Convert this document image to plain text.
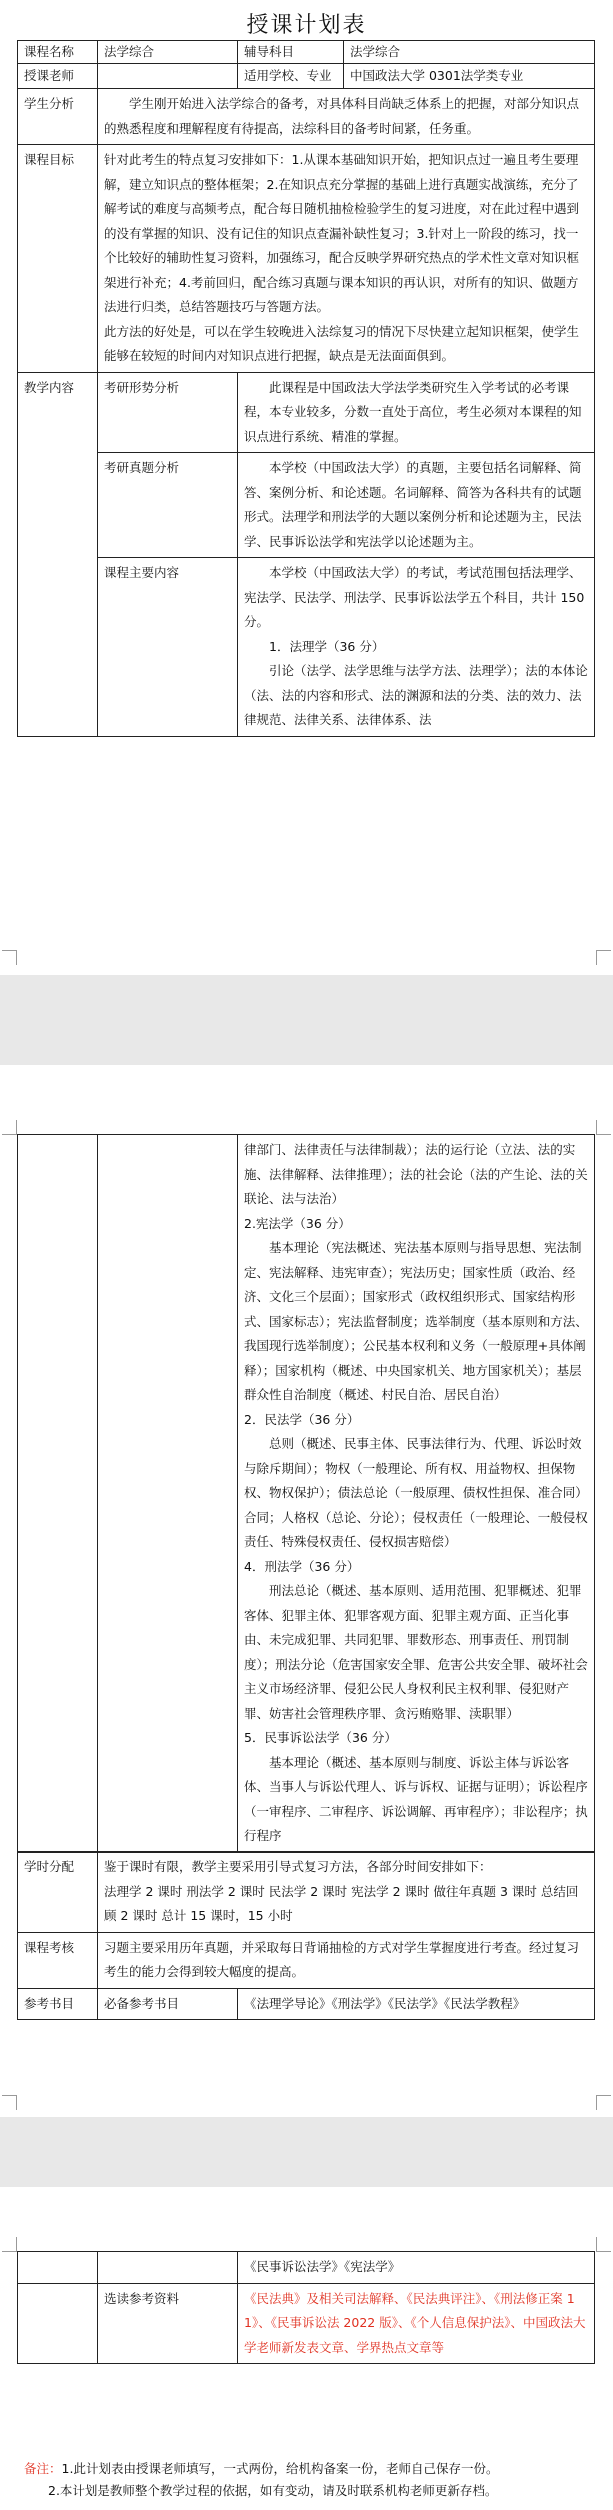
授课计划表
课程名称	法学综合	辅导科目	法学综合
授课老师		适用学校、专业	中国政法大学 0301法学类专业
学生分析	学生刚开始进入法学综合的备考，对具体科目尚缺乏体系上的把握，对部分知识点的熟悉程度和理解程度有待提高，法综科目的备考时间紧，任务重。		
课程目标	针对此考生的特点复习安排如下：1.从课本基础知识开始，把知识点过一遍且考生要理解，建立知识点的整体框架；2.在知识点充分掌握的基础上进行真题实战演练，充分了解考试的难度与高频考点，配合每日随机抽检检验学生的复习进度，对在此过程中遇到的没有掌握的知识、没有记住的知识点查漏补缺性复习；3.针对上一阶段的练习，找一个比较好的辅助性复习资料，加强练习，配合反映学界研究热点的学术性文章对知识框架进行补充；4.考前回归，配合练习真题与课本知识的再认识，对所有的知识、做题方法进行归类，总结答题技巧与答题方法。

此方法的好处是，可以在学生较晚进入法综复习的情况下尽快建立起知识框架，使学生能够在较短的时间内对知识点进行把握，缺点是无法面面俱到。		

教学内容	考研形势分析	此课程是中国政法大学法学类研究生入学考试的必考课程，本专业较多，分数一直处于高位，考生必须对本课程的知识点进行系统、精准的掌握。	
	考研真题分析	本学校（中国政法大学）的真题，主要包括名词解释、简答、案例分析、和论述题。名词解释、简答为各科共有的试题形式。法理学和刑法学的大题以案例分析和论述题为主，民法学、民事诉讼法学和宪法学以论述题为主。	
	课程主要内容	本学校（中国政法大学）的考试，考试范围包括法理学、宪法学、民法学、刑法学、民事诉讼法学五个科目，共计 150 分。

1．法理学（36 分）

引论（法学、法学思维与法学方法、法理学）；法的本体论（法、法的内容和形式、法的渊源和法的分类、法的效力、法律规范、法律关系、法律体系、法	

律部门、法律责任与法律制裁）；法的运行论（立法、法的实施、法律解释、法律推理）；法的社会论（法的产生论、法的关联论、法与法治）

2.宪法学（36 分）

基本理论（宪法概述、宪法基本原则与指导思想、宪法制定、宪法解释、违宪审查）；宪法历史；国家性质（政治、经济、文化三个层面）；国家形式（政权组织形式、国家结构形式、国家标志）；宪法监督制度；选举制度（基本原则和方法、我国现行选举制度）；公民基本权利和义务（一般原理+具体阐释）；国家机构（概述、中央国家机关、地方国家机关）；基层群众性自治制度（概述、村民自治、居民自治）

2．民法学（36 分）

总则（概述、民事主体、民事法律行为、代理、诉讼时效与除斥期间）；物权（一般理论、所有权、用益物权、担保物权、物权保护）；债法总论（一般原理、债权性担保、准合同）合同；人格权（总论、分论）；侵权责任（一般理论、一般侵权责任、特殊侵权责任、侵权损害赔偿）

4．刑法学（36 分）

刑法总论（概述、基本原则、适用范围、犯罪概述、犯罪客体、犯罪主体、犯罪客观方面、犯罪主观方面、正当化事由、未完成犯罪、共同犯罪、罪数形态、刑事责任、刑罚制度）；刑法分论（危害国家安全罪、危害公共安全罪、破坏社会主义市场经济罪、侵犯公民人身权利民主权利罪、侵犯财产罪、妨害社会管理秩序罪、贪污贿赂罪、渎职罪）

5．民事诉讼法学（36 分）

基本理论（概述、基本原则与制度、诉讼主体与诉讼客体、当事人与诉讼代理人、诉与诉权、证据与证明）；诉讼程序（一审程序、二审程序、诉讼调解、再审程序）；非讼程序；执行程序

学时分配	鉴于课时有限，教学主要采用引导式复习方法，各部分时间安排如下：

法理学 2 课时 刑法学 2 课时 民法学 2 课时 宪法学 2 课时 做往年真题 3 课时 总结回顾 2 课时 总计 15 课时，15 小时	

课程考核	习题主要采用历年真题，并采取每日背诵抽检的方式对学生掌握度进行考查。经过复习考生的能力会得到较大幅度的提高。	
参考书目	必备参考书目	《法理学导论》《刑法学》《民法学》《民法学教程》
		《民事诉讼法学》《宪法学》
	选读参考资料	《民法典》及相关司法解释、《民法典评注》、《刑法修正案 11》、《民事诉讼法 2022 版》、《个人信息保护法》、中国政法大学老师新发表文章、学界热点文章等
备注：1.此计划表由授课老师填写，一式两份，给机构备案一份，老师自己保存一份。
2.本计划是教师整个教学过程的依据，如有变动，请及时联系机构老师更新存档。
